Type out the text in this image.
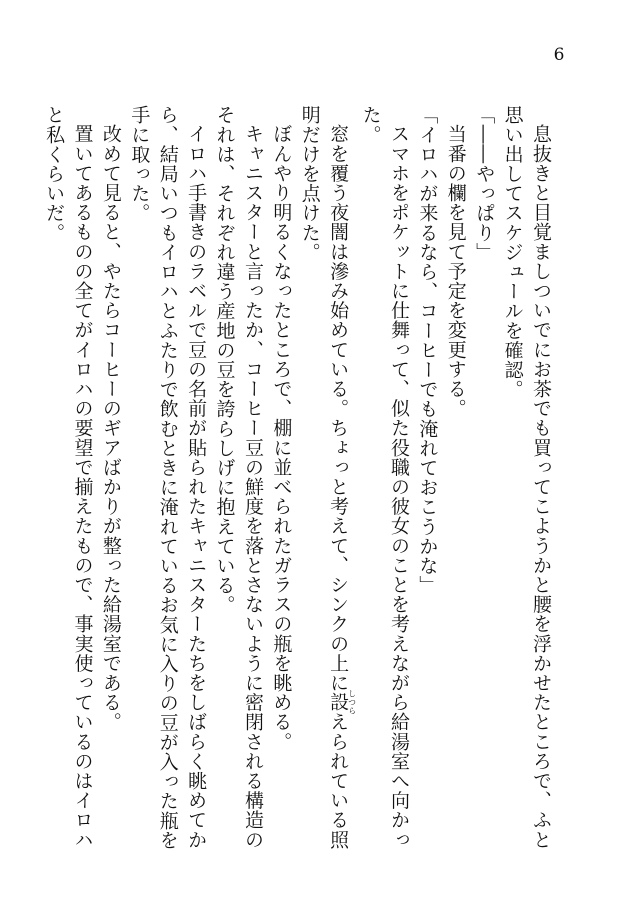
6

息抜きと目覚ましついでにお茶でも買ってこようかと腰を浮かせたところで、ふと思い出してスケジュールを確認。

「――やっぱり」

当番の欄を見て予定を変更する。

「イロハが来るなら、コーヒーでも淹れておこうかな」

スマホをポケットに仕舞って、似た役職の彼女のことを考えながら給湯室へ向かった。

窓を覆う夜闇は滲み始めている。ちょっと考えて、シンクの上に設しつらえられている照明だけを点けた。

ぼんやり明るくなったところで、棚に並べられたガラスの瓶を眺める。

キャニスターと言ったか、コーヒー豆の鮮度を落とさないように密閉される構造のそれは、それぞれ違う産地の豆を誇らしげに抱えている。

イロハ手書きのラベルで豆の名前が貼られたキャニスターたちをしばらく眺めてから、結局いつもイロハとふたりで飲むときに淹れているお気に入りの豆が入った瓶を手に取った。

改めて見ると、やたらコーヒーのギアばかりが整った給湯室である。

置いてあるものの全てがイロハの要望で揃えたもので、事実使っているのはイロハと私くらいだ。
